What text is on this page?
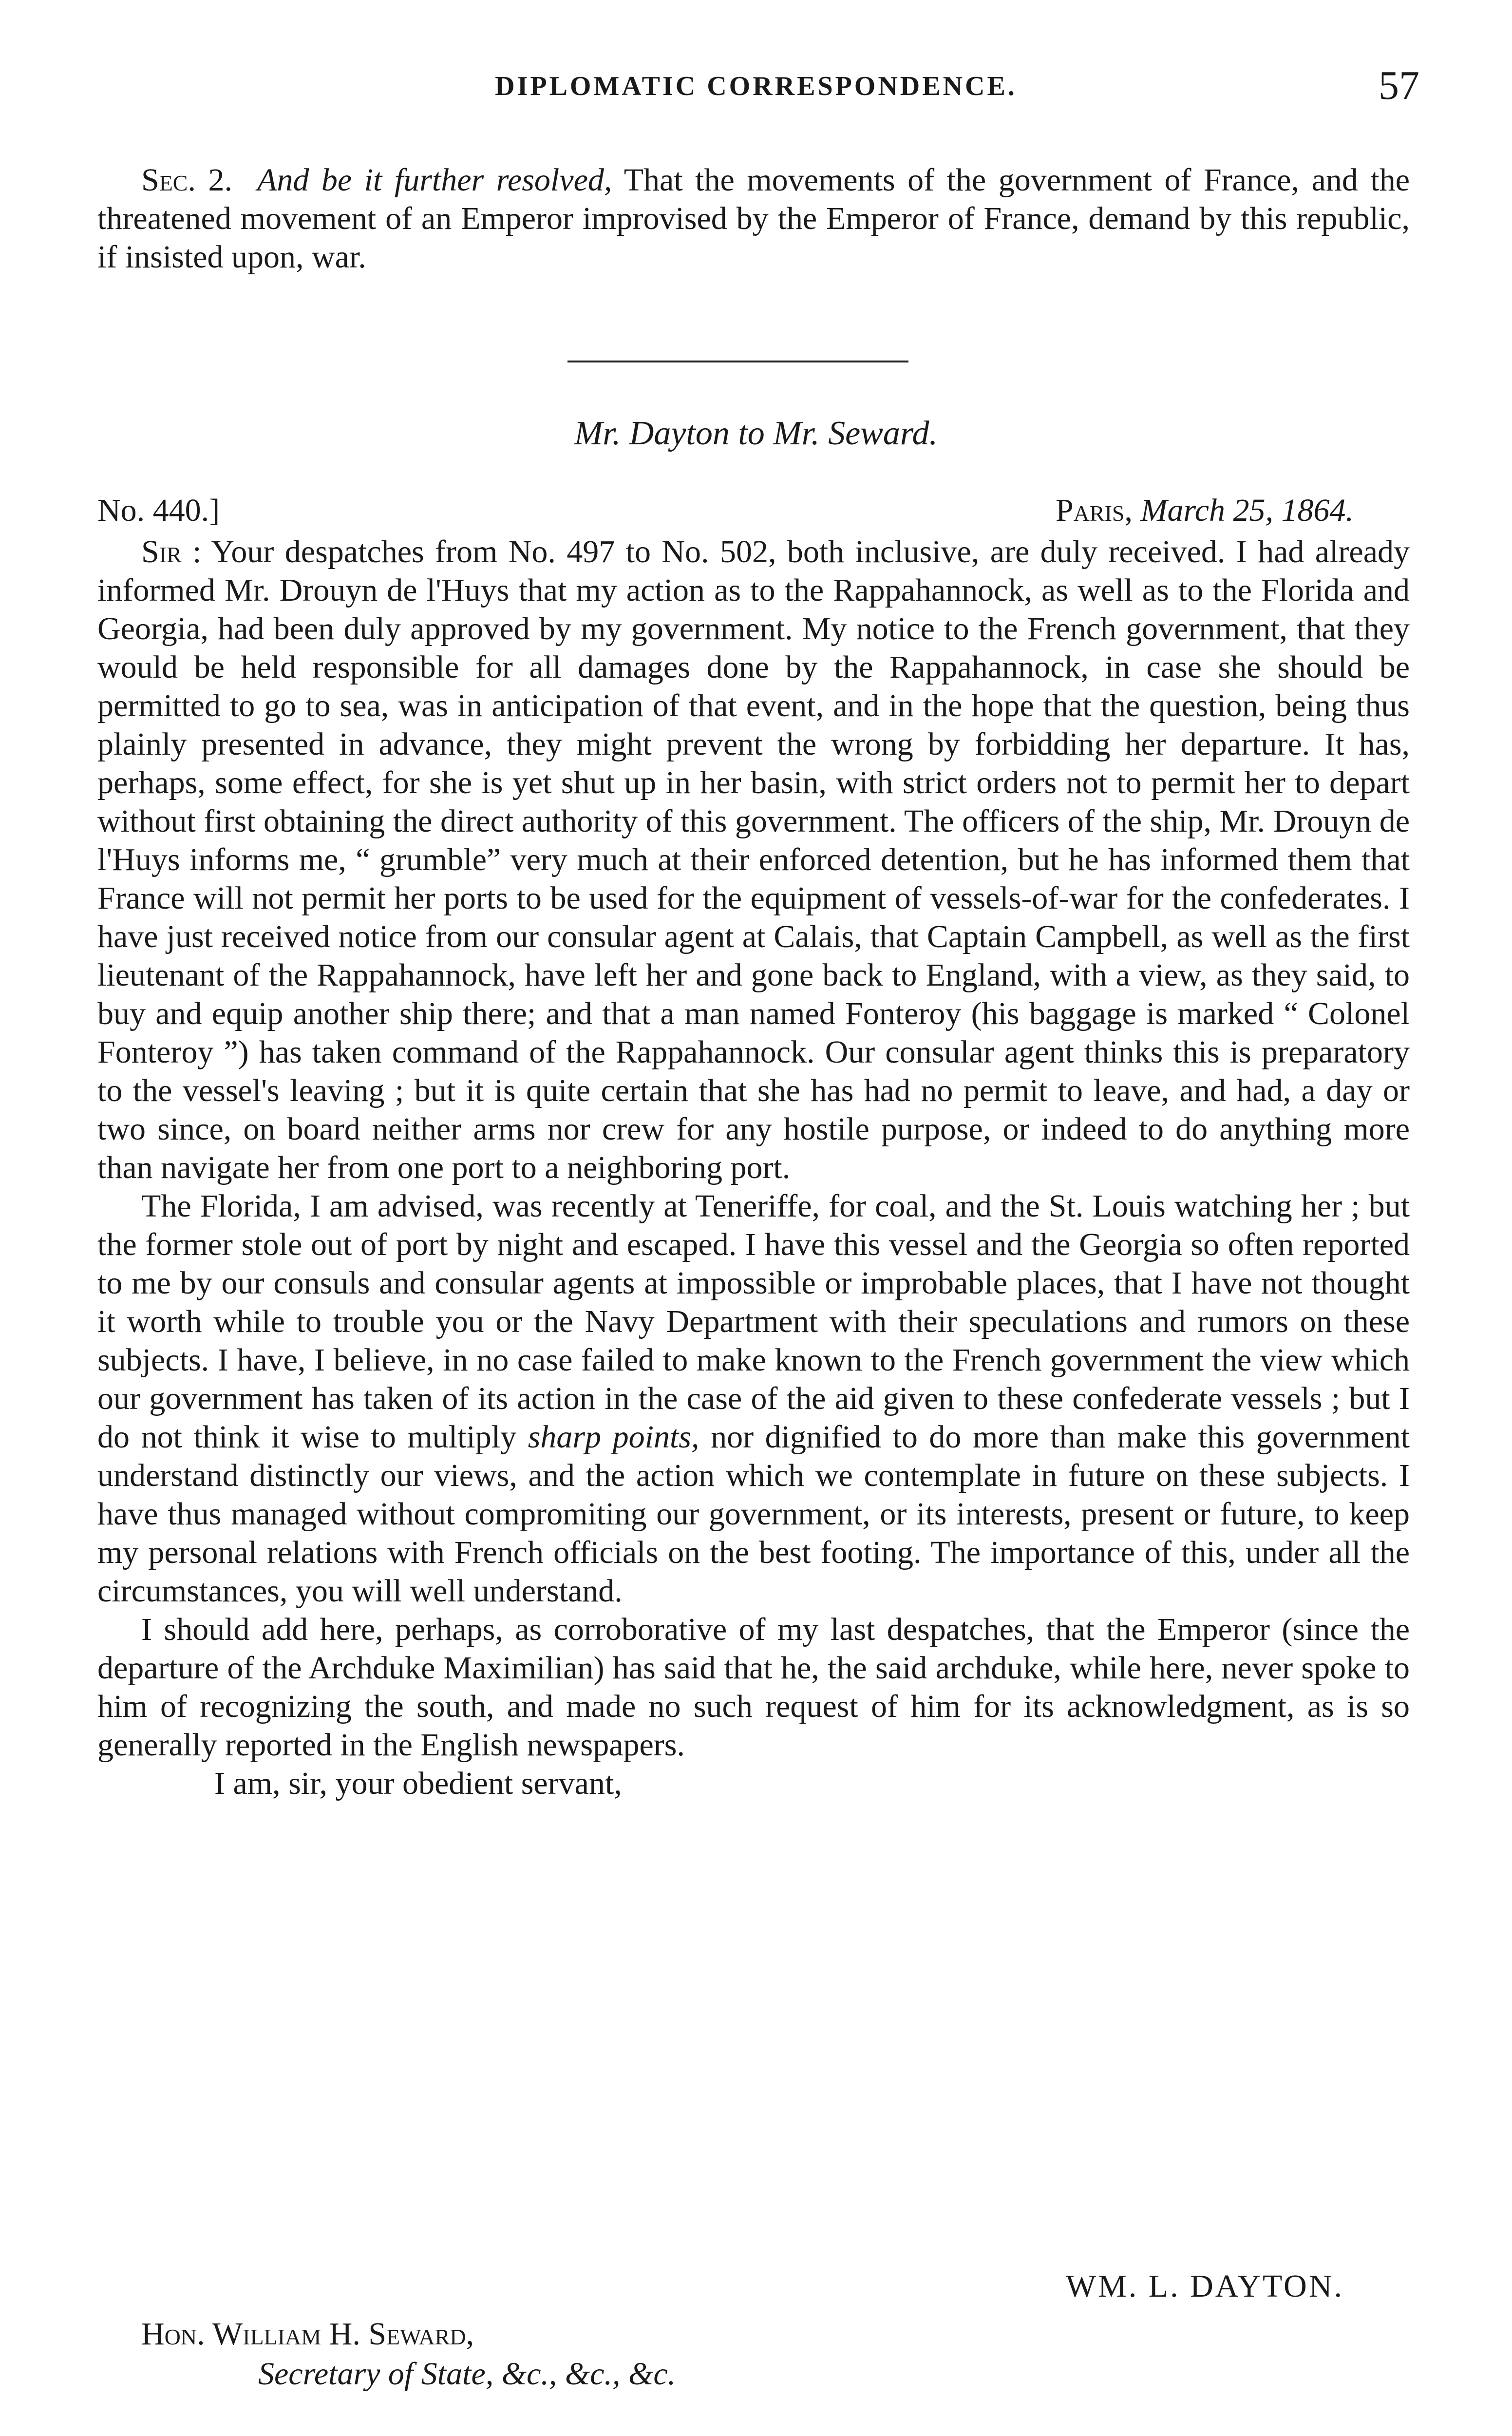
DIPLOMATIC CORRESPONDENCE.	57

Sec. 2. And be it further resolved, That the movements of the government of France, and the threatened movement of an Emperor improvised by the Emperor of France, demand by this republic, if insisted upon, war.

Mr. Dayton to Mr. Seward.
No. 440.]	Paris, March 25, 1864.

Sir : Your despatches from No. 497 to No. 502, both inclusive, are duly received. I had already informed Mr. Drouyn de l'Huys that my action as to the Rappahannock, as well as to the Florida and Georgia, had been duly approved by my government. My notice to the French government, that they would be held responsible for all damages done by the Rappahannock, in case she should be permitted to go to sea, was in anticipation of that event, and in the hope that the question, being thus plainly presented in advance, they might prevent the wrong by forbidding her departure. It has, perhaps, some effect, for she is yet shut up in her basin, with strict orders not to permit her to depart without first obtaining the direct authority of this government. The officers of the ship, Mr. Drouyn de l'Huys informs me, “ grumble” very much at their enforced detention, but he has informed them that France will not permit her ports to be used for the equipment of vessels-of-war for the confederates. I have just received notice from our consular agent at Calais, that Captain Campbell, as well as the first lieutenant of the Rappahannock, have left her and gone back to England, with a view, as they said, to buy and equip another ship there; and that a man named Fonteroy (his baggage is marked “ Colonel Fonteroy ”) has taken command of the Rappahannock. Our consular agent thinks this is preparatory to the vessel's leaving ; but it is quite certain that she has had no permit to leave, and had, a day or two since, on board neither arms nor crew for any hostile purpose, or indeed to do anything more than navigate her from one port to a neighboring port.

The Florida, I am advised, was recently at Teneriffe, for coal, and the St. Louis watching her ; but the former stole out of port by night and escaped. I have this vessel and the Georgia so often reported to me by our consuls and consular agents at impossible or improbable places, that I have not thought it worth while to trouble you or the Navy Department with their speculations and rumors on these subjects. I have, I believe, in no case failed to make known to the French government the view which our government has taken of its action in the case of the aid given to these confederate vessels ; but I do not think it wise to multiply sharp points, nor dignified to do more than make this government understand distinctly our views, and the action which we contemplate in future on these subjects. I have thus managed without compromiting our government, or its interests, present or future, to keep my personal relations with French officials on the best footing. The importance of this, under all the circumstances, you will well understand.

I should add here, perhaps, as corroborative of my last despatches, that the Emperor (since the departure of the Archduke Maximilian) has said that he, the said archduke, while here, never spoke to him of recognizing the south, and made no such request of him for its acknowledgment, as is so generally reported in the English newspapers.

I am, sir, your obedient servant,

WM. L. DAYTON.
Hon. William H. Seward,
Secretary of State, &c., &c., &c.
